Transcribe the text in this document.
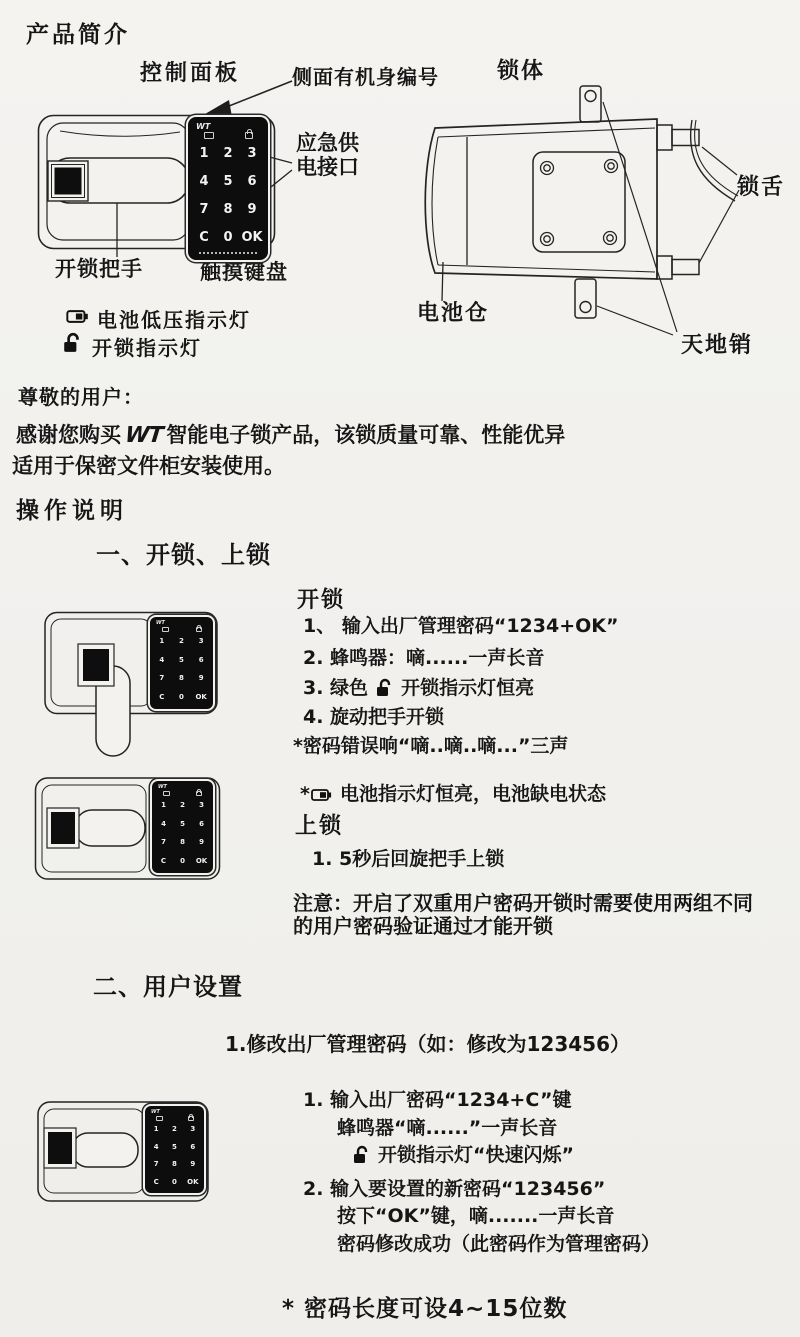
WT
1 2 3
4 5 6
7 8 9
C 0 OK
WT
1 2 3
4 5 6
7 8 9
C 0 OK
WT
1 2 3
4 5 6
7 8 9
C 0 OK
WT
1 2 3
4 5 6
7 8 9
C 0 OK
产品简介
控制面板	侧面有机身编号	锁体
应急供
电接口
锁舌
开锁把手	触摸键盘
电池仓
天地销
电池低压指示灯
开锁指示灯
尊敬的用户：
感谢您购买 WT 智能电子锁产品，该锁质量可靠、性能优异
适用于保密文件柜安装使用。
操作说明
一、开锁、上锁
开锁
1、 输入出厂管理密码“1234+OK”
2. 蜂鸣器：嘀......一声长音
3. 绿色 开锁指示灯恒亮
4. 旋动把手开锁
*密码错误响“嘀..嘀..嘀...”三声
* 电池指示灯恒亮，电池缺电状态
上锁
1. 5秒后回旋把手上锁
注意：开启了双重用户密码开锁时需要使用两组不同
的用户密码验证通过才能开锁
二、用户设置
1.修改出厂管理密码（如：修改为123456）
1. 输入出厂密码“1234+C”键
蜂鸣器“嘀......”一声长音
开锁指示灯“快速闪烁”
2. 输入要设置的新密码“123456”
按下“OK”键，嘀.......一声长音
密码修改成功（此密码作为管理密码）
* 密码长度可设4~15位数
